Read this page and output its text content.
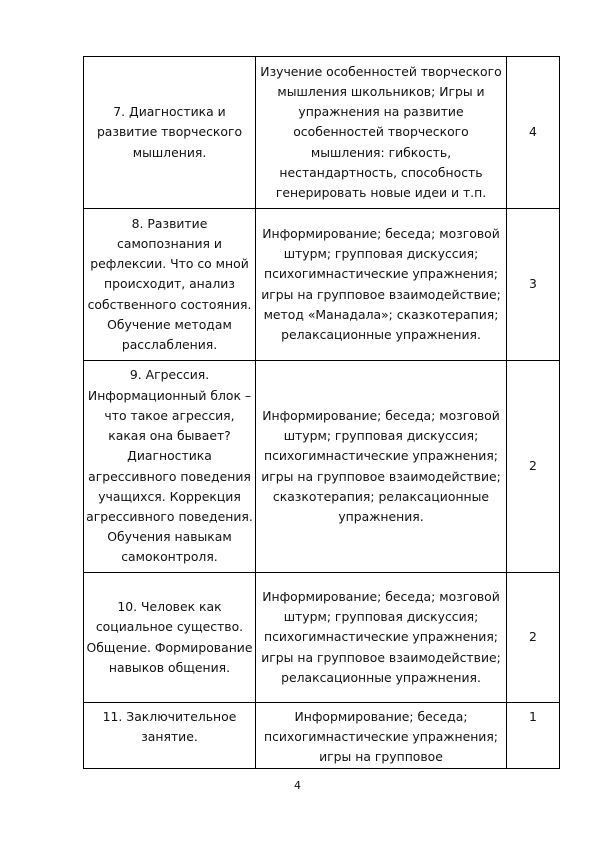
7. Диагностика и развитие творческого мышления.	Изучение особенностей творческого мышления школьников; Игры и упражнения на развитие особенностей творческого мышления: гибкость, нестандартность, способность генерировать новые идеи и т.п.	4
8. Развитие самопознания и рефлексии. Что со мной происходит, анализ собственного состояния. Обучение методам расслабления.	Информирование; беседа; мозговой штурм; групповая дискуссия; психогимнастические упражнения; игры на групповое взаимодействие; метод «Манадала»; сказкотерапия; релаксационные упражнения.	3
9. Агрессия. Информационный блок – что такое агрессия, какая она бывает? Диагностика агрессивного поведения учащихся. Коррекция агрессивного поведения. Обучения навыкам самоконтроля.	Информирование; беседа; мозговой штурм; групповая дискуссия; психогимнастические упражнения; игры на групповое взаимодействие; сказкотерапия; релаксационные упражнения.	2
10. Человек как социальное существо. Общение. Формирование навыков общения.	Информирование; беседа; мозговой штурм; групповая дискуссия; психогимнастические упражнения; игры на групповое взаимодействие; релаксационные упражнения.	2
11. Заключительное занятие.	Информирование; беседа; психогимнастические упражнения; игры на групповое	1
4
